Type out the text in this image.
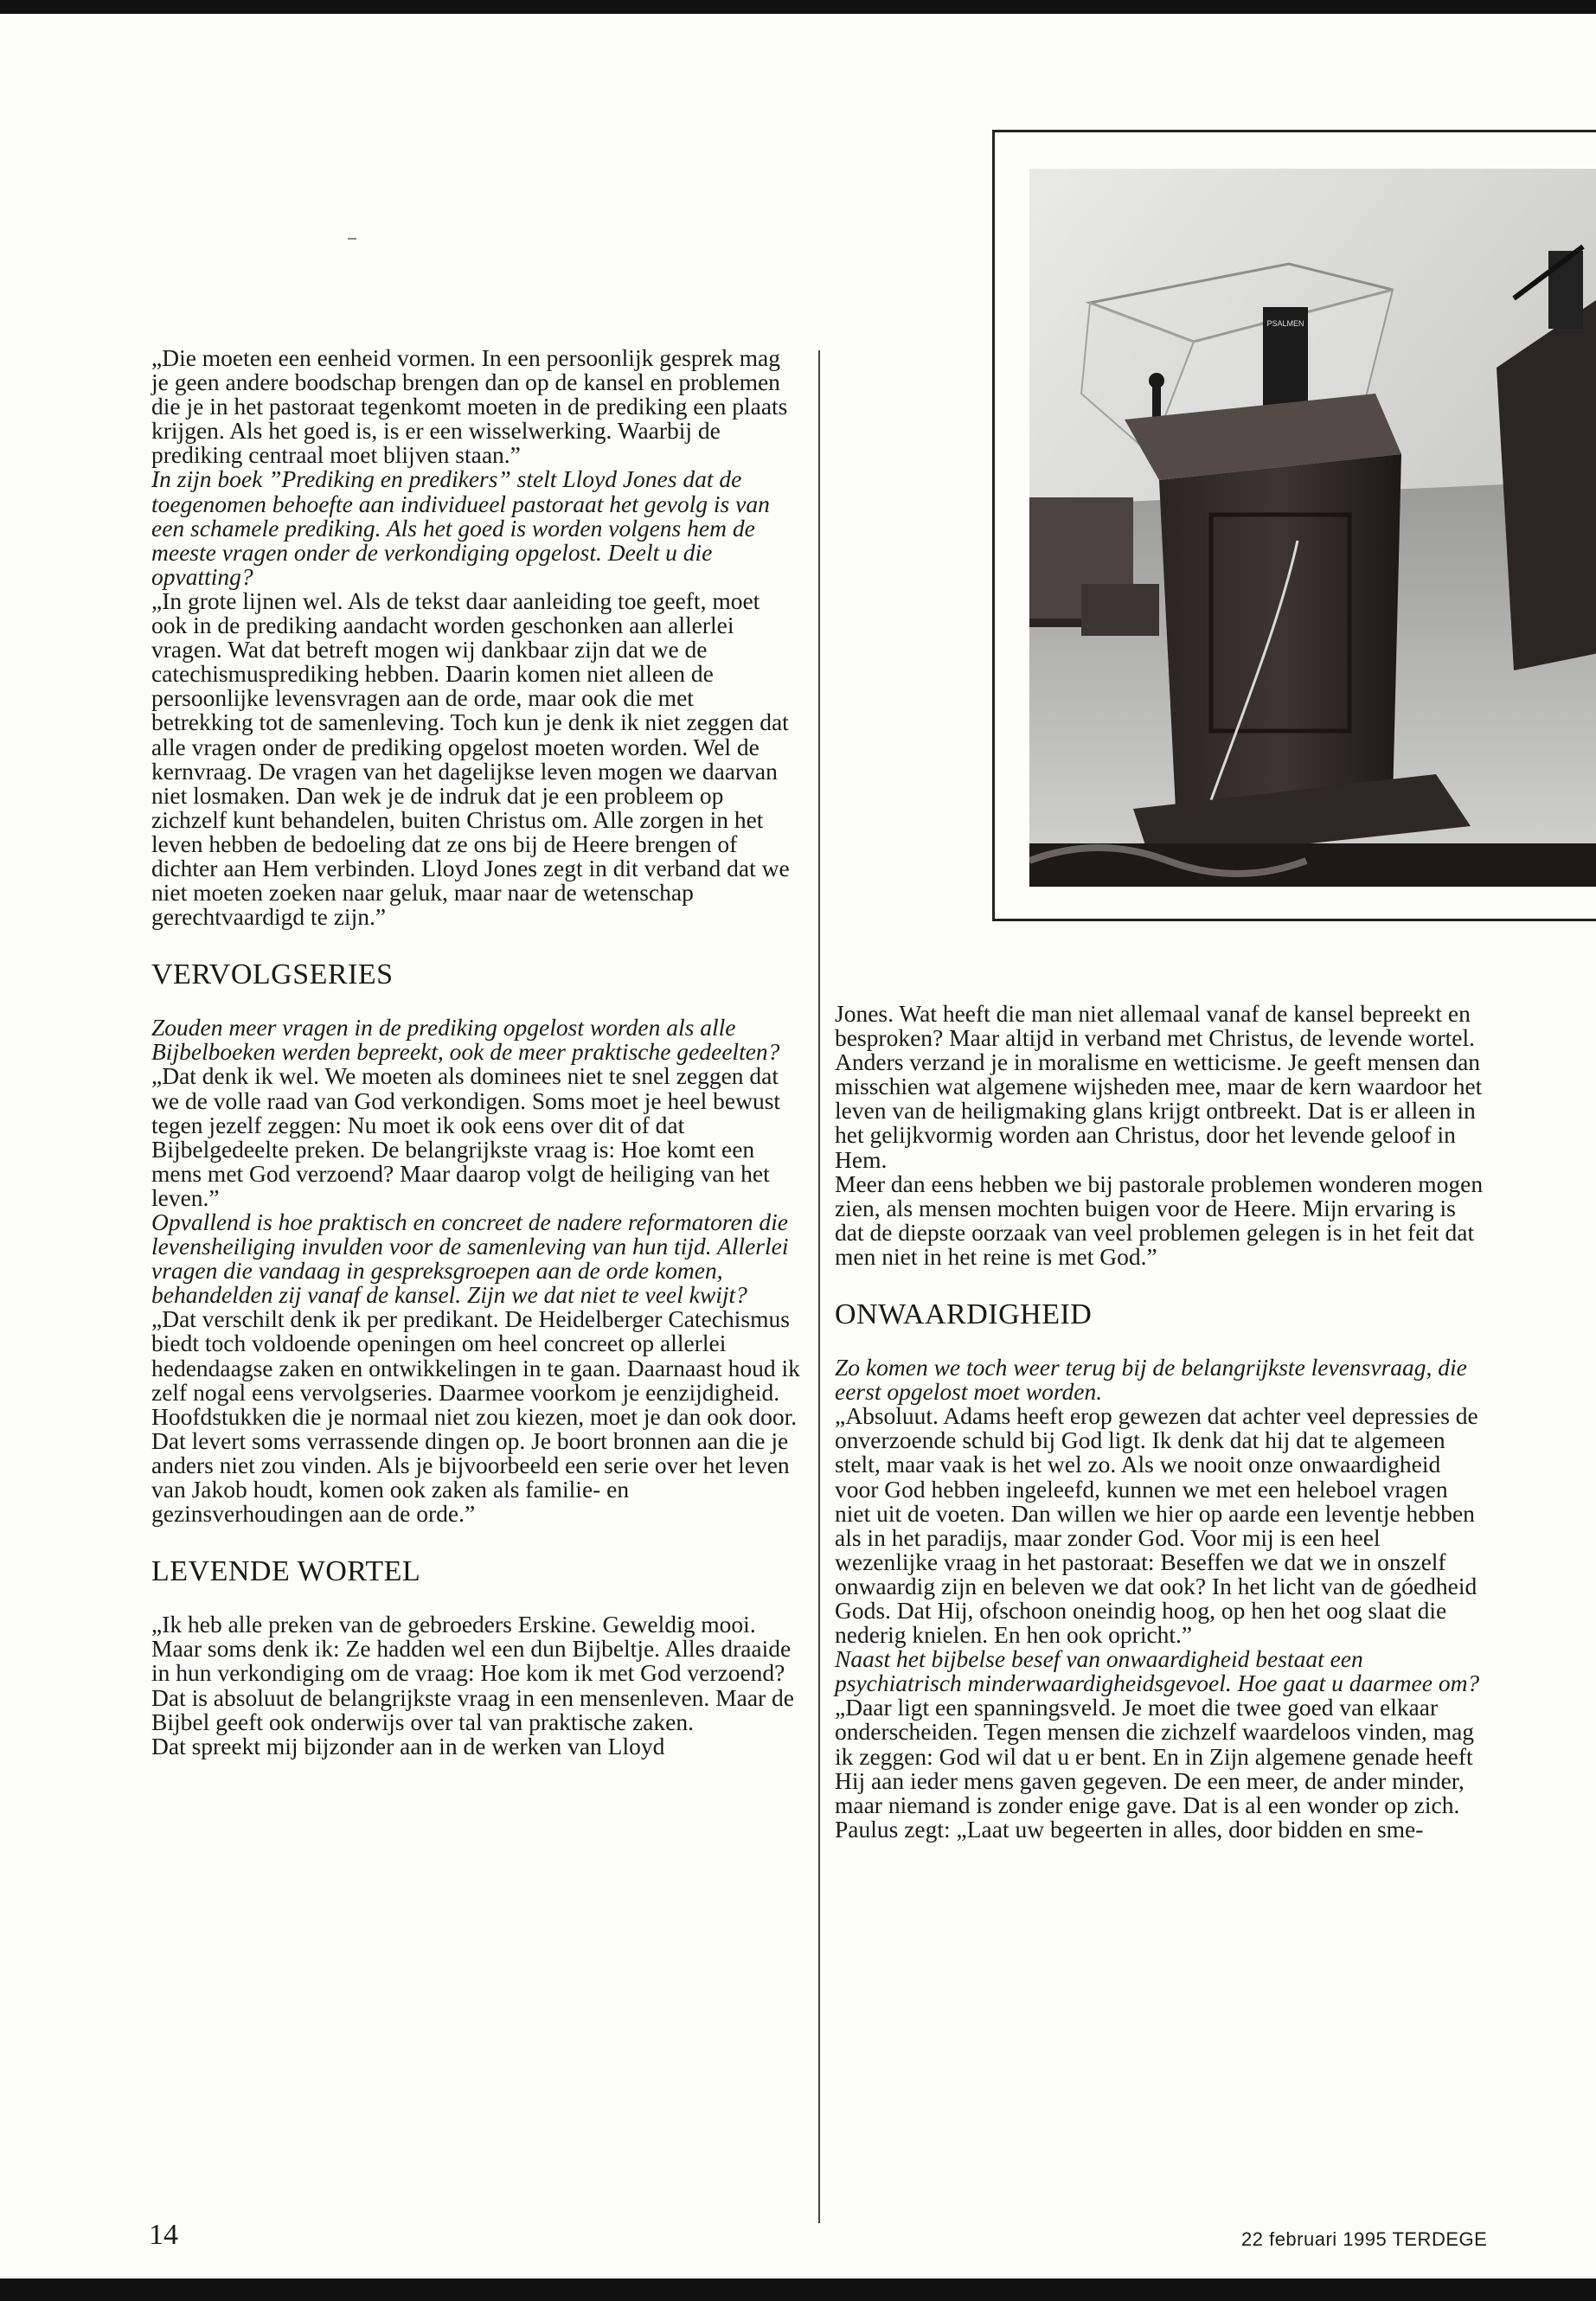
PSALMEN

„Die moeten een eenheid vormen. In een persoonlijk gesprek mag je geen andere boodschap brengen dan op de kansel en problemen die je in het pastoraat tegenkomt moeten in de prediking een plaats krijgen. Als het goed is, is er een wisselwerking. Waarbij de prediking centraal moet blijven staan.”

In zijn boek ”Prediking en predikers” stelt Lloyd Jones dat de toegenomen behoefte aan individueel pastoraat het gevolg is van een schamele prediking. Als het goed is worden volgens hem de meeste vragen onder de verkondiging opgelost. Deelt u die opvatting?

„In grote lijnen wel. Als de tekst daar aanleiding toe geeft, moet ook in de prediking aandacht worden geschonken aan allerlei vragen. Wat dat betreft mogen wij dankbaar zijn dat we de catechismusprediking hebben. Daarin komen niet alleen de persoonlijke levensvragen aan de orde, maar ook die met betrekking tot de samenleving. Toch kun je denk ik niet zeggen dat alle vragen onder de prediking opgelost moeten worden. Wel de kernvraag. De vragen van het dagelijkse leven mogen we daarvan niet losmaken. Dan wek je de indruk dat je een probleem op zichzelf kunt behandelen, buiten Christus om. Alle zorgen in het leven hebben de bedoeling dat ze ons bij de Heere brengen of dichter aan Hem verbinden. Lloyd Jones zegt in dit verband dat we niet moeten zoeken naar geluk, maar naar de wetenschap gerechtvaardigd te zijn.”

VERVOLGSERIES

Zouden meer vragen in de prediking opgelost worden als alle Bijbelboeken werden bepreekt, ook de meer praktische gedeelten?

„Dat denk ik wel. We moeten als dominees niet te snel zeggen dat we de volle raad van God verkondigen. Soms moet je heel bewust tegen jezelf zeggen: Nu moet ik ook eens over dit of dat Bijbelgedeelte preken. De belangrijkste vraag is: Hoe komt een mens met God verzoend? Maar daarop volgt de heiliging van het leven.”

Opvallend is hoe praktisch en concreet de nadere reformatoren die levensheiliging invulden voor de samenleving van hun tijd. Allerlei vragen die vandaag in gespreksgroepen aan de orde komen, behandelden zij vanaf de kansel. Zijn we dat niet te veel kwijt?

„Dat verschilt denk ik per predikant. De Heidelberger Catechismus biedt toch voldoende openingen om heel concreet op allerlei hedendaagse zaken en ontwikkelingen in te gaan. Daarnaast houd ik zelf nogal eens vervolgseries. Daarmee voorkom je eenzijdigheid. Hoofdstukken die je normaal niet zou kiezen, moet je dan ook door. Dat levert soms verrassende dingen op. Je boort bronnen aan die je anders niet zou vinden. Als je bijvoorbeeld een serie over het leven van Jakob houdt, komen ook zaken als familie- en gezinsverhoudingen aan de orde.”

LEVENDE WORTEL

„Ik heb alle preken van de gebroeders Erskine. Geweldig mooi. Maar soms denk ik: Ze hadden wel een dun Bijbeltje. Alles draaide in hun verkondiging om de vraag: Hoe kom ik met God verzoend? Dat is absoluut de belangrijkste vraag in een mensenleven. Maar de Bijbel geeft ook onderwijs over tal van praktische zaken.

Dat spreekt mij bijzonder aan in de werken van Lloyd

Jones. Wat heeft die man niet allemaal vanaf de kansel bepreekt en besproken? Maar altijd in verband met Christus, de levende wortel. Anders verzand je in moralisme en wetticisme. Je geeft mensen dan misschien wat algemene wijsheden mee, maar de kern waardoor het leven van de heiligmaking glans krijgt ontbreekt. Dat is er alleen in het gelijkvormig worden aan Christus, door het levende geloof in Hem.

Meer dan eens hebben we bij pastorale problemen wonderen mogen zien, als mensen mochten buigen voor de Heere. Mijn ervaring is dat de diepste oorzaak van veel problemen gelegen is in het feit dat men niet in het reine is met God.”

ONWAARDIGHEID

Zo komen we toch weer terug bij de belangrijkste levensvraag, die eerst opgelost moet worden.

„Absoluut. Adams heeft erop gewezen dat achter veel depressies de onverzoende schuld bij God ligt. Ik denk dat hij dat te algemeen stelt, maar vaak is het wel zo. Als we nooit onze onwaardigheid voor God hebben ingeleefd, kunnen we met een heleboel vragen niet uit de voeten. Dan willen we hier op aarde een leventje hebben als in het paradijs, maar zonder God. Voor mij is een heel wezenlijke vraag in het pastoraat: Beseffen we dat we in onszelf onwaardig zijn en beleven we dat ook? In het licht van de góedheid Gods. Dat Hij, ofschoon oneindig hoog, op hen het oog slaat die nederig knielen. En hen ook opricht.”

Naast het bijbelse besef van onwaardigheid bestaat een psychiatrisch minderwaardigheidsgevoel. Hoe gaat u daarmee om?

„Daar ligt een spanningsveld. Je moet die twee goed van elkaar onderscheiden. Tegen mensen die zichzelf waardeloos vinden, mag ik zeggen: God wil dat u er bent. En in Zijn algemene genade heeft Hij aan ieder mens gaven gegeven. De een meer, de ander minder, maar niemand is zonder enige gave. Dat is al een wonder op zich. Paulus zegt: „Laat uw begeerten in alles, door bidden en sme-

14	22 februari 1995 TERDEGE
